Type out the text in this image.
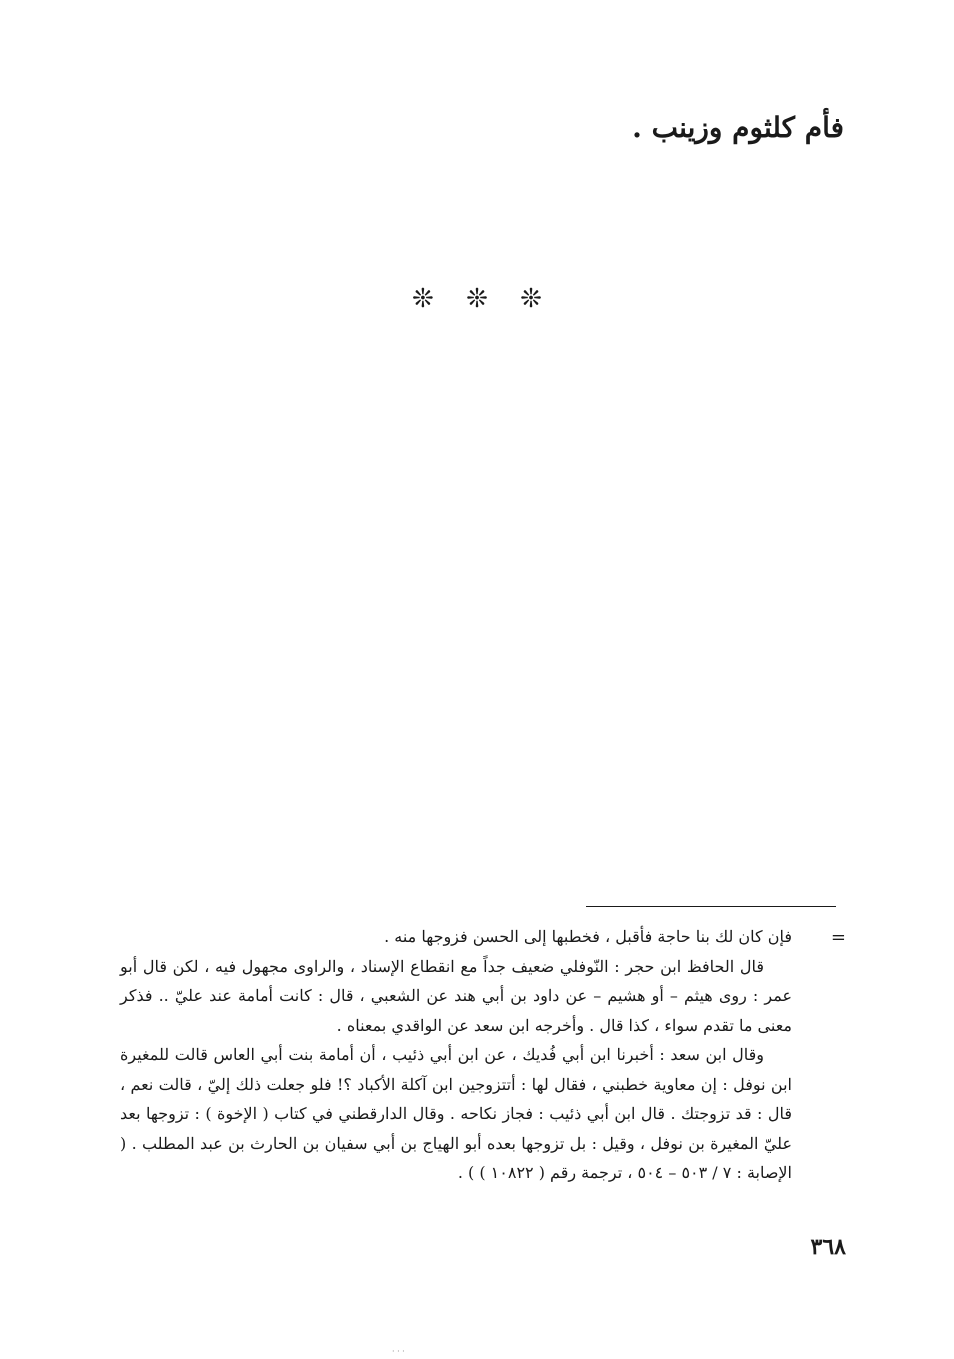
فأم كلثوم وزينب .
❊ ❊ ❊
=

فإن كان لك بنا حاجة فأقبل ، فخطبها إلى الحسن فزوجها منه .

قال الحافظ ابن حجر : النّوفلي ضعيف جداً مع انقطاع الإسناد ، والراوى مجهول فيه ، لكن قال أبو عمر : روى هيثم – أو هشيم – عن داود بن أبي هند عن الشعبي ، قال : كانت أمامة عند عليّ .. فذكر معنى ما تقدم سواء ، كذا قال . وأخرجه ابن سعد عن الواقدي بمعناه .

وقال ابن سعد : أخبرنا ابن أبي فُديك ، عن ابن أبي ذئيب ، أن أمامة بنت أبي العاس قالت للمغيرة ابن نوفل : إن معاوية خطبني ، فقال لها : أتتزوجين ابن آكلة الأكباد ؟! فلو جعلت ذلك إليّ ، قالت نعم ، قال : قد تزوجتك . قال ابن أبي ذئيب : فجاز نكاحه . وقال الدارقطني في كتاب ( الإخوة ) : تزوجها بعد عليّ المغيرة بن نوفل ، وقيل : بل تزوجها بعده أبو الهياج بن أبي سفيان بن الحارث بن عبد المطلب . ( الإصابة : ٧ / ٥٠٣ – ٥٠٤ ، ترجمة رقم ( ١٠٨٢٢ ) ) .

٣٦٨
· · ·
